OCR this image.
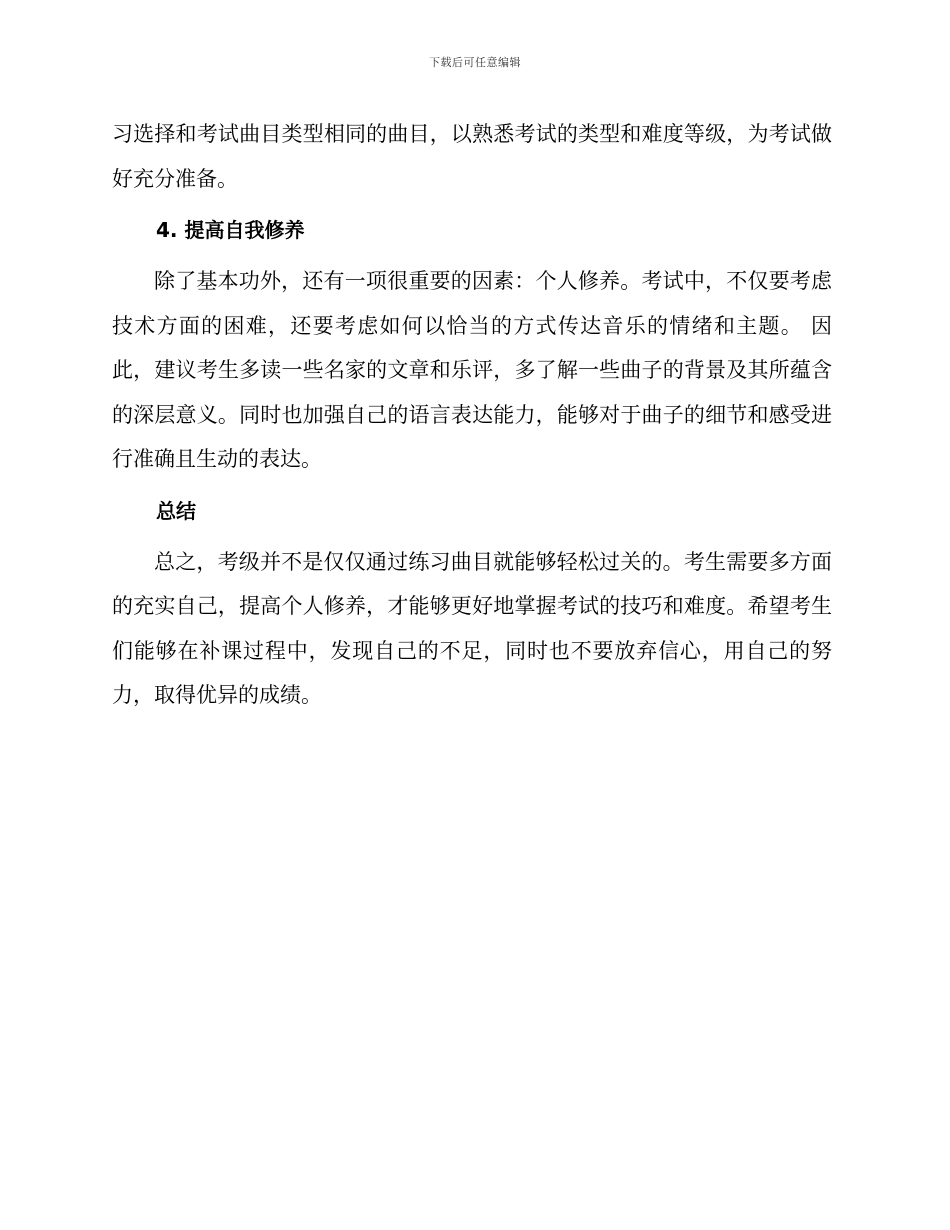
下载后可任意编辑

习选择和考试曲目类型相同的曲目，以熟悉考试的类型和难度等级，为考试做好充分准备。

4. 提高自我修养

除了基本功外，还有一项很重要的因素：个人修养。考试中，不仅要考虑技术方面的困难，还要考虑如何以恰当的方式传达音乐的情绪和主题。 因此，建议考生多读一些名家的文章和乐评，多了解一些曲子的背景及其所蕴含的深层意义。同时也加强自己的语言表达能力，能够对于曲子的细节和感受进行准确且生动的表达。

总结

总之，考级并不是仅仅通过练习曲目就能够轻松过关的。考生需要多方面的充实自己，提高个人修养，才能够更好地掌握考试的技巧和难度。希望考生们能够在补课过程中，发现自己的不足，同时也不要放弃信心，用自己的努力，取得优异的成绩。
